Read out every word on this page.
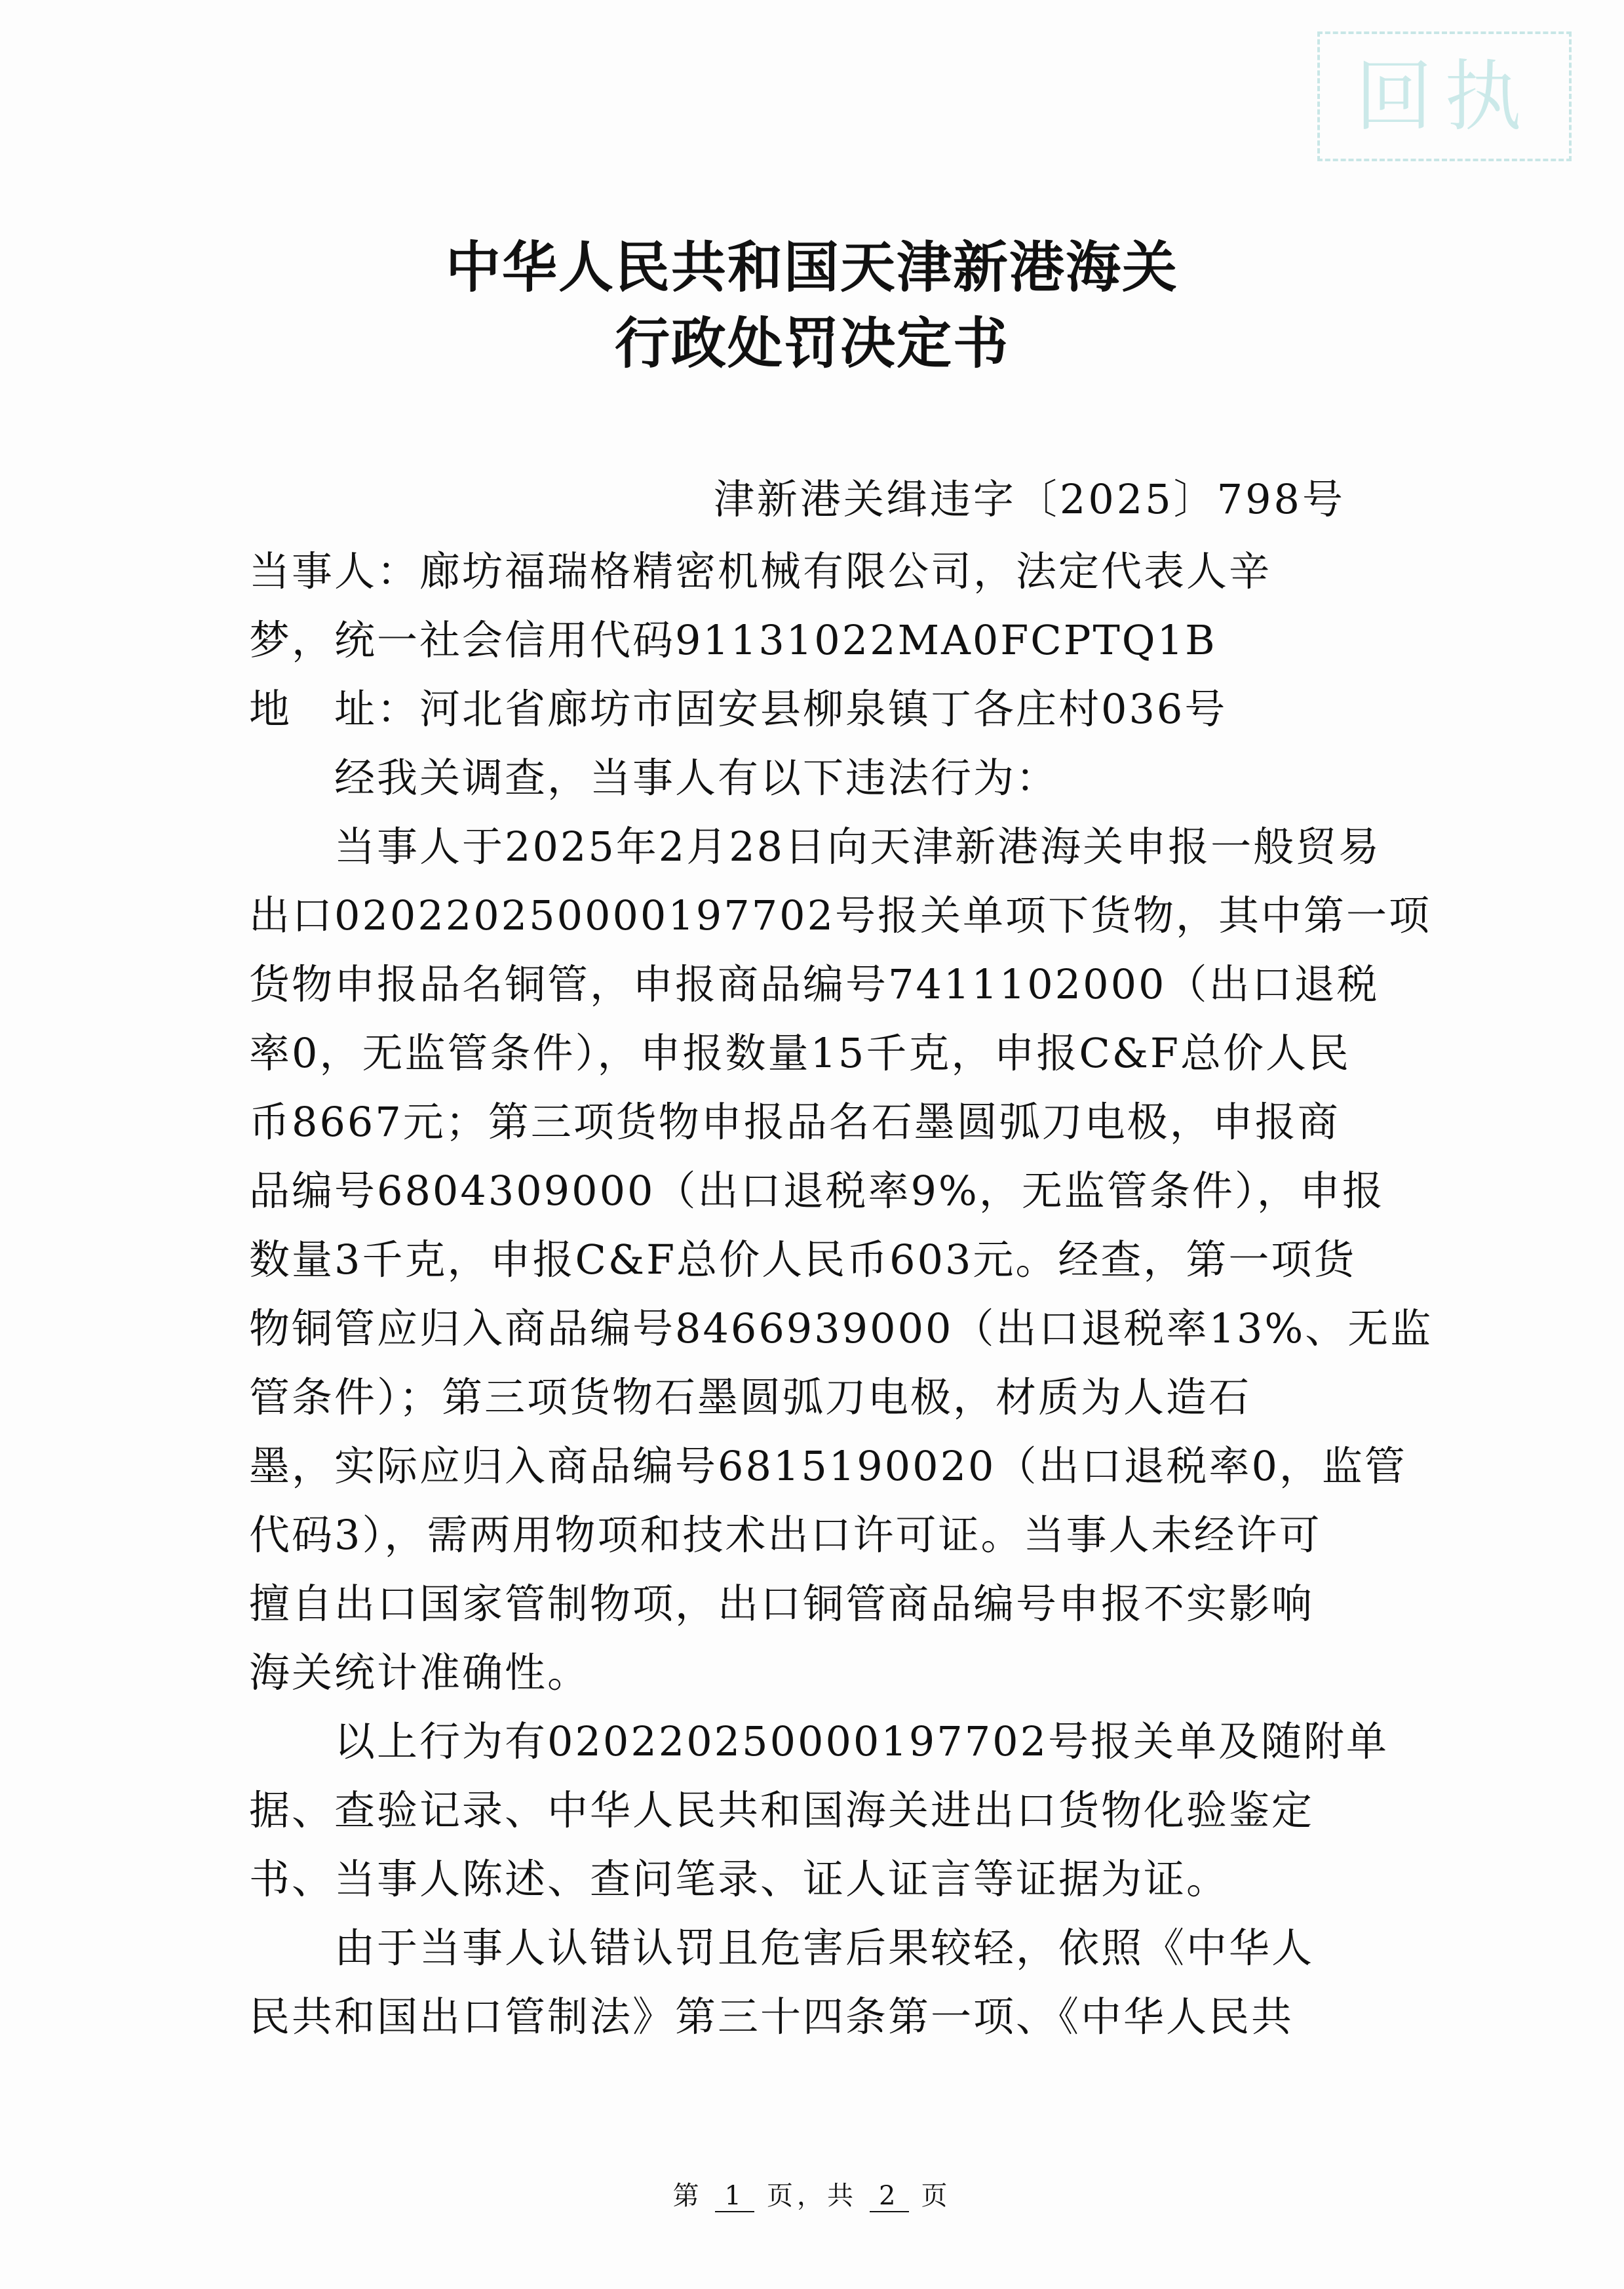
回执
中华人民共和国天津新港海关
行政处罚决定书
津新港关缉违字〔2025〕798号
当事人：廊坊福瑞格精密机械有限公司，法定代表人辛
梦，统一社会信用代码91131022MA0FCPTQ1B
地　址：河北省廊坊市固安县柳泉镇丁各庄村036号
　　经我关调查，当事人有以下违法行为：
　　当事人于2025年2月28日向天津新港海关申报一般贸易
出口020220250000197702号报关单项下货物，其中第一项
货物申报品名铜管，申报商品编号7411102000（出口退税
率0，无监管条件），申报数量15千克，申报C&F总价人民
币8667元；第三项货物申报品名石墨圆弧刀电极，申报商
品编号6804309000（出口退税率9%，无监管条件），申报
数量3千克，申报C&F总价人民币603元。经查，第一项货
物铜管应归入商品编号8466939000（出口退税率13%、无监
管条件）；第三项货物石墨圆弧刀电极，材质为人造石
墨，实际应归入商品编号6815190020（出口退税率0，监管
代码3），需两用物项和技术出口许可证。当事人未经许可
擅自出口国家管制物项，出口铜管商品编号申报不实影响
海关统计准确性。
　　以上行为有020220250000197702号报关单及随附单
据、查验记录、中华人民共和国海关进出口货物化验鉴定
书、当事人陈述、查问笔录、证人证言等证据为证。
　　由于当事人认错认罚且危害后果较轻，依照《中华人
民共和国出口管制法》第三十四条第一项、《中华人民共
第 1 页，共 2 页
